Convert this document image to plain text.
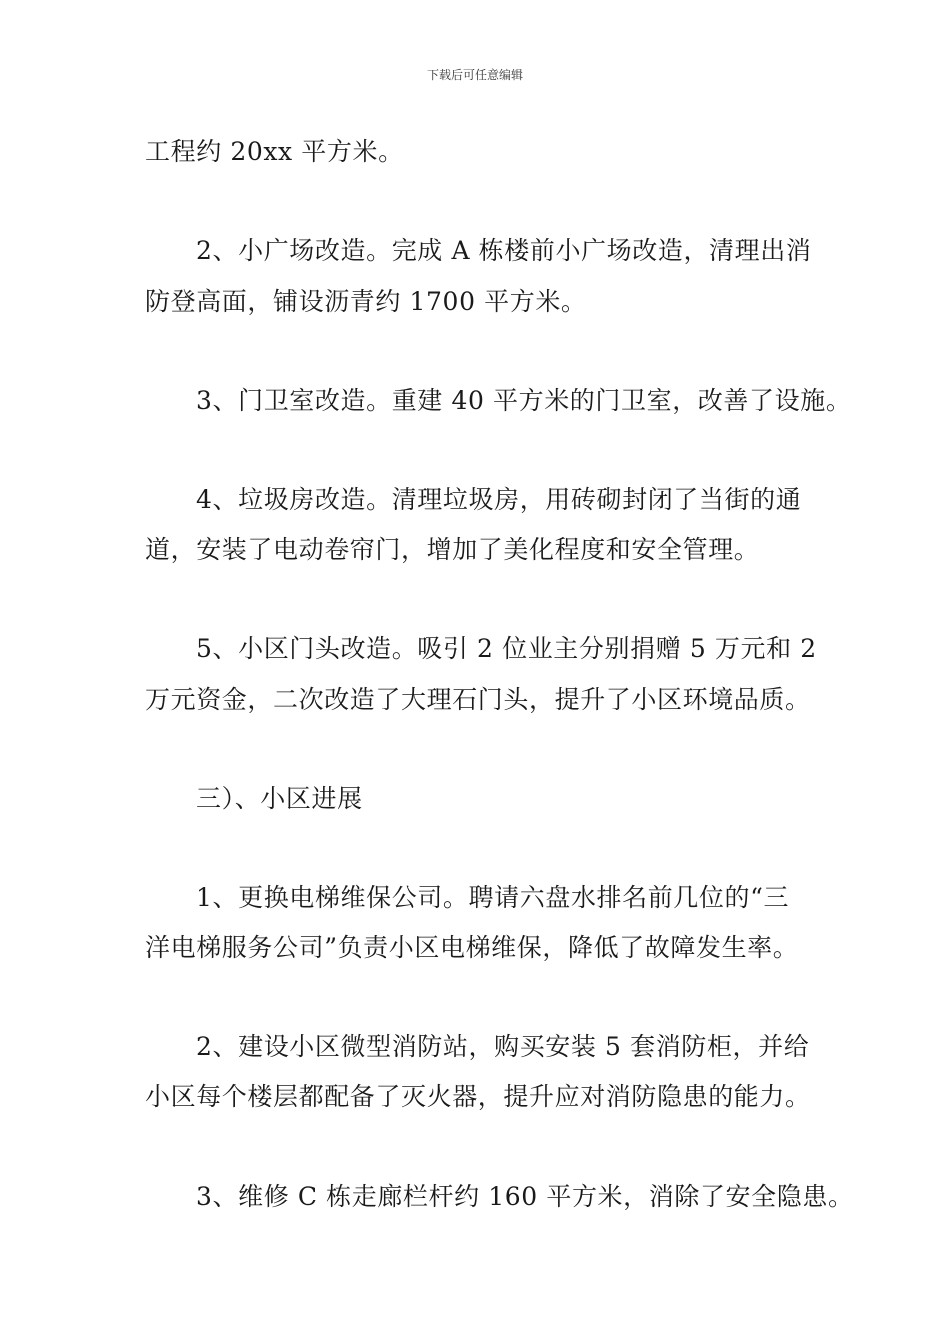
下载后可任意编辑
工程约 20xx 平方米。
2、小广场改造。完成 A 栋楼前小广场改造，清理出消
防登高面，铺设沥青约 1700 平方米。
3、门卫室改造。重建 40 平方米的门卫室，改善了设施。
4、垃圾房改造。清理垃圾房，用砖砌封闭了当街的通
道，安装了电动卷帘门，增加了美化程度和安全管理。
5、小区门头改造。吸引 2 位业主分别捐赠 5 万元和 2
万元资金，二次改造了大理石门头，提升了小区环境品质。
三）、小区进展
1、更换电梯维保公司。聘请六盘水排名前几位的“三
洋电梯服务公司”负责小区电梯维保，降低了故障发生率。
2、建设小区微型消防站，购买安装 5 套消防柜，并给
小区每个楼层都配备了灭火器，提升应对消防隐患的能力。
3、维修 C 栋走廊栏杆约 160 平方米，消除了安全隐患。
